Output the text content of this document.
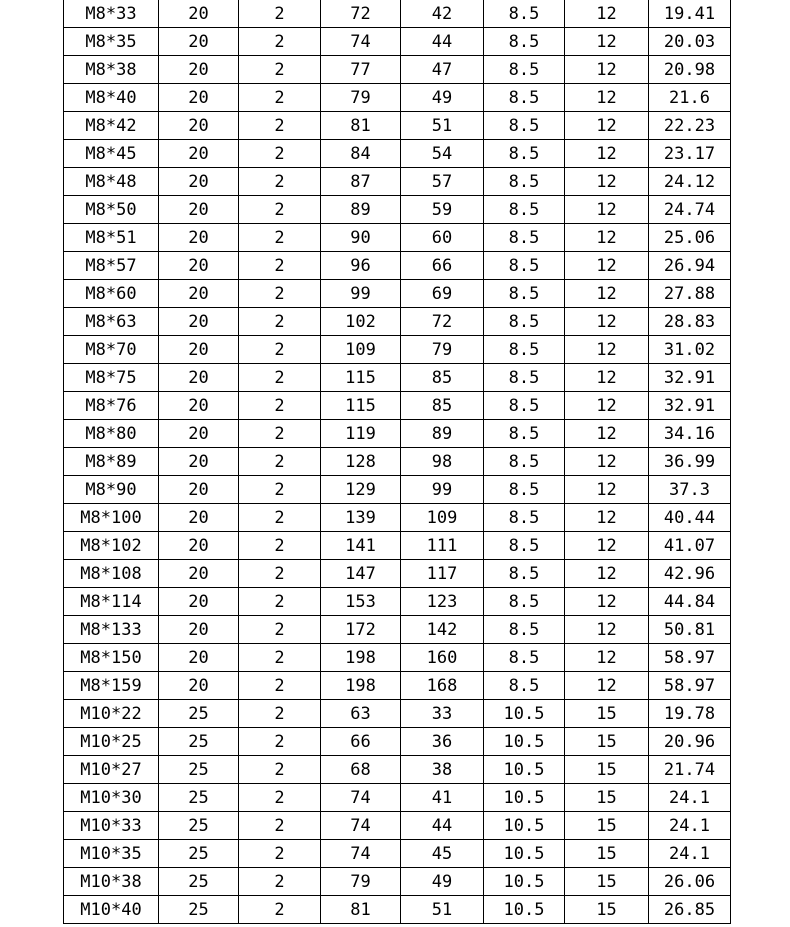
M8*33	20	2	72	42	8.5	12	19.41
M8*35	20	2	74	44	8.5	12	20.03
M8*38	20	2	77	47	8.5	12	20.98
M8*40	20	2	79	49	8.5	12	21.6
M8*42	20	2	81	51	8.5	12	22.23
M8*45	20	2	84	54	8.5	12	23.17
M8*48	20	2	87	57	8.5	12	24.12
M8*50	20	2	89	59	8.5	12	24.74
M8*51	20	2	90	60	8.5	12	25.06
M8*57	20	2	96	66	8.5	12	26.94
M8*60	20	2	99	69	8.5	12	27.88
M8*63	20	2	102	72	8.5	12	28.83
M8*70	20	2	109	79	8.5	12	31.02
M8*75	20	2	115	85	8.5	12	32.91
M8*76	20	2	115	85	8.5	12	32.91
M8*80	20	2	119	89	8.5	12	34.16
M8*89	20	2	128	98	8.5	12	36.99
M8*90	20	2	129	99	8.5	12	37.3
M8*100	20	2	139	109	8.5	12	40.44
M8*102	20	2	141	111	8.5	12	41.07
M8*108	20	2	147	117	8.5	12	42.96
M8*114	20	2	153	123	8.5	12	44.84
M8*133	20	2	172	142	8.5	12	50.81
M8*150	20	2	198	160	8.5	12	58.97
M8*159	20	2	198	168	8.5	12	58.97
M10*22	25	2	63	33	10.5	15	19.78
M10*25	25	2	66	36	10.5	15	20.96
M10*27	25	2	68	38	10.5	15	21.74
M10*30	25	2	74	41	10.5	15	24.1
M10*33	25	2	74	44	10.5	15	24.1
M10*35	25	2	74	45	10.5	15	24.1
M10*38	25	2	79	49	10.5	15	26.06
M10*40	25	2	81	51	10.5	15	26.85
